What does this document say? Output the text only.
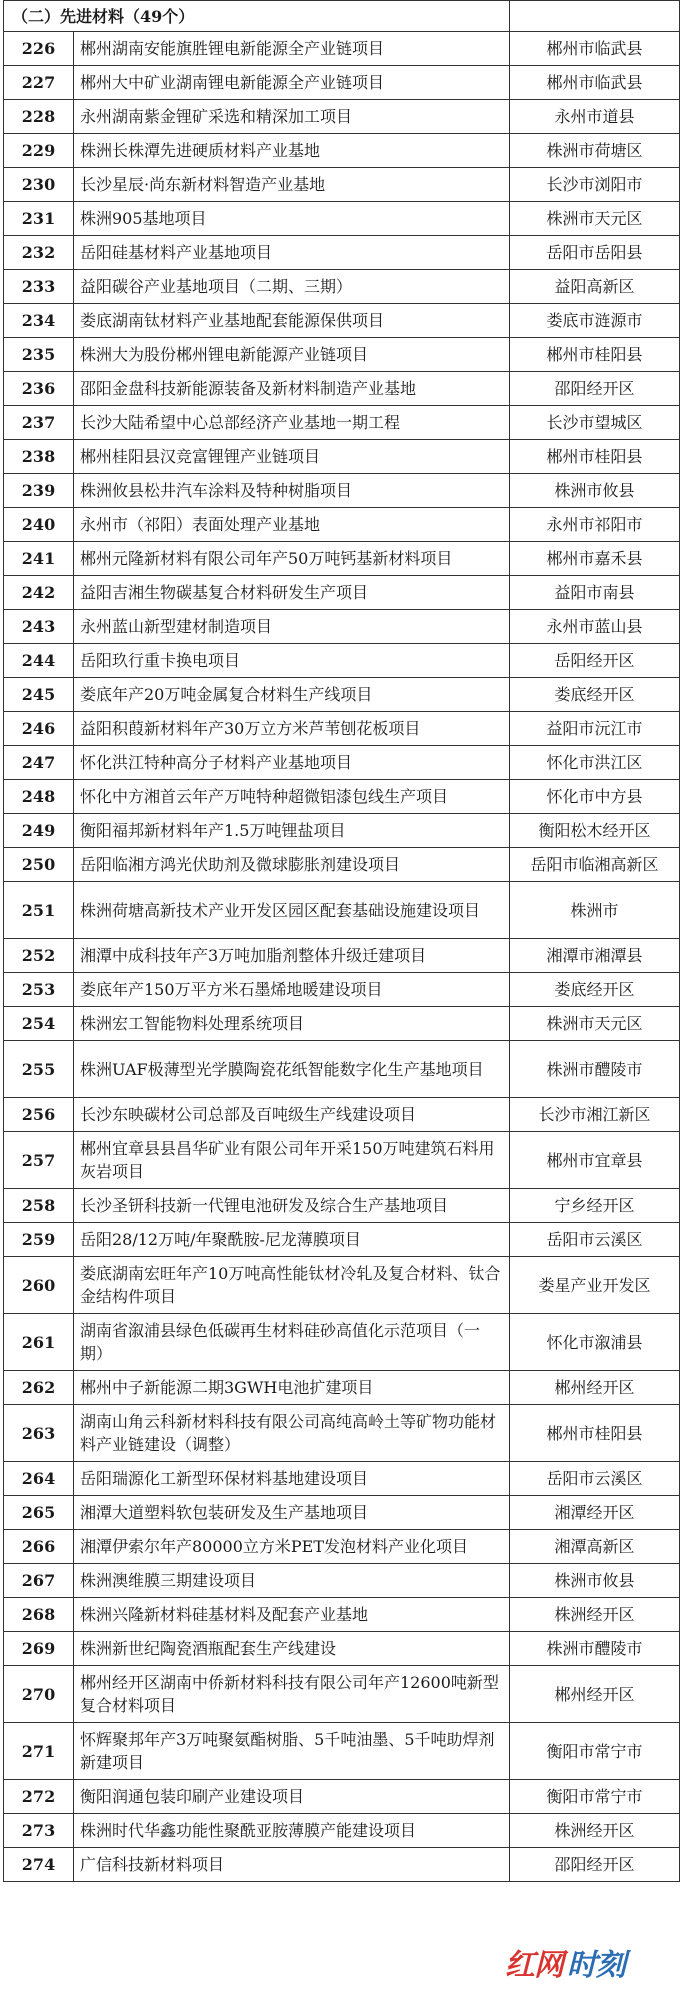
（二）先进材料（49个）		
226	郴州湖南安能旗胜锂电新能源全产业链项目	郴州市临武县
227	郴州大中矿业湖南锂电新能源全产业链项目	郴州市临武县
228	永州湖南紫金锂矿采选和精深加工项目	永州市道县
229	株洲长株潭先进硬质材料产业基地	株洲市荷塘区
230	长沙星辰·尚东新材料智造产业基地	长沙市浏阳市
231	株洲905基地项目	株洲市天元区
232	岳阳硅基材料产业基地项目	岳阳市岳阳县
233	益阳碳谷产业基地项目（二期、三期）	益阳高新区
234	娄底湖南钛材料产业基地配套能源保供项目	娄底市涟源市
235	株洲大为股份郴州锂电新能源产业链项目	郴州市桂阳县
236	邵阳金盘科技新能源装备及新材料制造产业基地	邵阳经开区
237	长沙大陆希望中心总部经济产业基地一期工程	长沙市望城区
238	郴州桂阳县汉竞富锂锂产业链项目	郴州市桂阳县
239	株洲攸县松井汽车涂料及特种树脂项目	株洲市攸县
240	永州市（祁阳）表面处理产业基地	永州市祁阳市
241	郴州元隆新材料有限公司年产50万吨钙基新材料项目	郴州市嘉禾县
242	益阳吉湘生物碳基复合材料研发生产项目	益阳市南县
243	永州蓝山新型建材制造项目	永州市蓝山县
244	岳阳玖行重卡换电项目	岳阳经开区
245	娄底年产20万吨金属复合材料生产线项目	娄底经开区
246	益阳积葭新材料年产30万立方米芦苇刨花板项目	益阳市沅江市
247	怀化洪江特种高分子材料产业基地项目	怀化市洪江区
248	怀化中方湘首云年产万吨特种超微铝漆包线生产项目	怀化市中方县
249	衡阳福邦新材料年产1.5万吨锂盐项目	衡阳松木经开区
250	岳阳临湘方鸿光伏助剂及微球膨胀剂建设项目	岳阳市临湘高新区
251	株洲荷塘高新技术产业开发区园区配套基础设施建设项目	株洲市
252	湘潭中成科技年产3万吨加脂剂整体升级迁建项目	湘潭市湘潭县
253	娄底年产150万平方米石墨烯地暖建设项目	娄底经开区
254	株洲宏工智能物料处理系统项目	株洲市天元区
255	株洲UAF极薄型光学膜陶瓷花纸智能数字化生产基地项目	株洲市醴陵市
256	长沙东映碳材公司总部及百吨级生产线建设项目	长沙市湘江新区
257	郴州宜章县县昌华矿业有限公司年开采150万吨建筑石料用灰岩项目	郴州市宜章县
258	长沙圣钘科技新一代锂电池研发及综合生产基地项目	宁乡经开区
259	岳阳28/12万吨/年聚酰胺-尼龙薄膜项目	岳阳市云溪区
260	娄底湖南宏旺年产10万吨高性能钛材冷轧及复合材料、钛合金结构件项目	娄星产业开发区
261	湖南省溆浦县绿色低碳再生材料硅砂高值化示范项目（一期）	怀化市溆浦县
262	郴州中子新能源二期3GWH电池扩建项目	郴州经开区
263	湖南山角云科新材料科技有限公司高纯高岭土等矿物功能材料产业链建设（调整）	郴州市桂阳县
264	岳阳瑞源化工新型环保材料基地建设项目	岳阳市云溪区
265	湘潭大道塑料软包装研发及生产基地项目	湘潭经开区
266	湘潭伊索尔年产80000立方米PET发泡材料产业化项目	湘潭高新区
267	株洲澳维膜三期建设项目	株洲市攸县
268	株洲兴隆新材料硅基材料及配套产业基地	株洲经开区
269	株洲新世纪陶瓷酒瓶配套生产线建设	株洲市醴陵市
270	郴州经开区湖南中侨新材料科技有限公司年产12600吨新型复合材料项目	郴州经开区
271	怀辉聚邦年产3万吨聚氨酯树脂、5千吨油墨、5千吨助焊剂新建项目	衡阳市常宁市
272	衡阳润通包装印刷产业建设项目	衡阳市常宁市
273	株洲时代华鑫功能性聚酰亚胺薄膜产能建设项目	株洲经开区
274	广信科技新材料项目	邵阳经开区
红网 时刻
